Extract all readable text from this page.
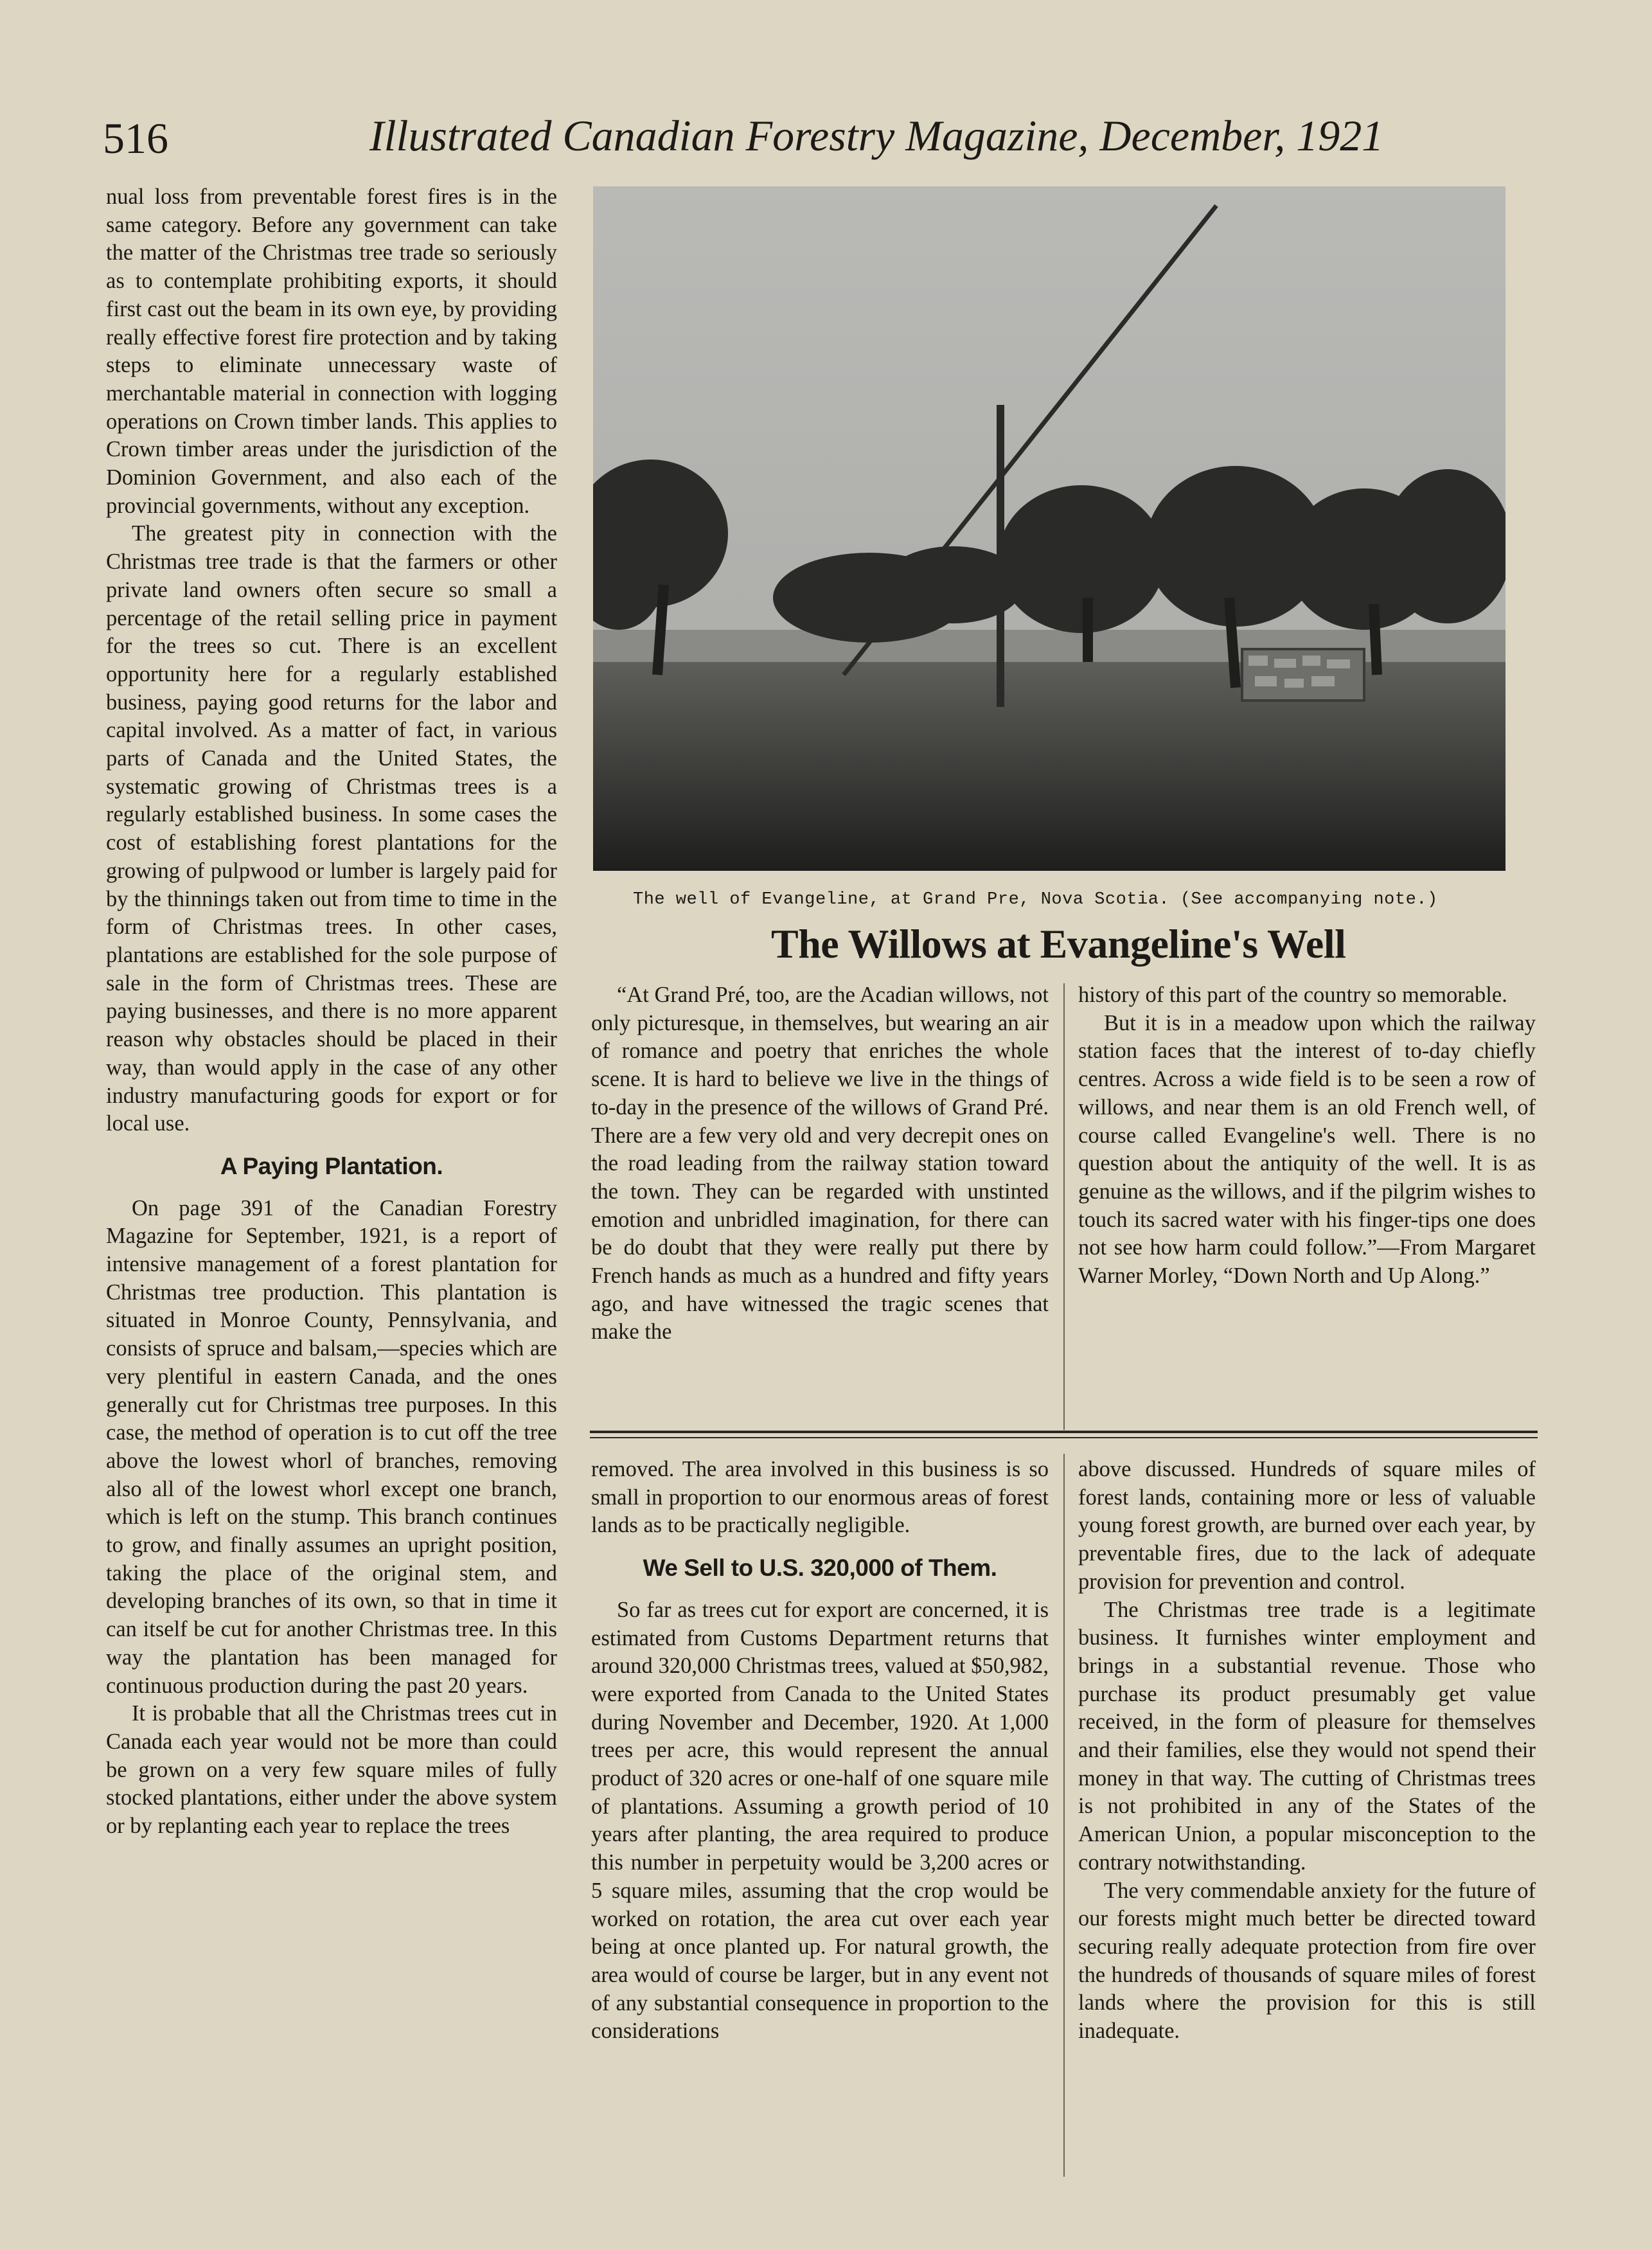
516	Illustrated Canadian Forestry Magazine, December, 1921

nual loss from preventable forest fires is in the same category. Before any government can take the matter of the Christmas tree trade so seriously as to contemplate prohibiting exports, it should first cast out the beam in its own eye, by providing really effective forest fire protection and by taking steps to eliminate unnecessary waste of merchantable material in connection with logging operations on Crown timber lands. This applies to Crown timber areas under the jurisdiction of the Dominion Government, and also each of the provincial governments, without any exception.

The greatest pity in connection with the Christmas tree trade is that the farmers or other private land owners often secure so small a percentage of the retail selling price in payment for the trees so cut. There is an excellent opportunity here for a regularly established business, paying good returns for the labor and capital involved. As a matter of fact, in various parts of Canada and the United States, the systematic growing of Christmas trees is a regularly established business. In some cases the cost of establishing forest plantations for the growing of pulpwood or lumber is largely paid for by the thinnings taken out from time to time in the form of Christmas trees. In other cases, plantations are established for the sole purpose of sale in the form of Christmas trees. These are paying businesses, and there is no more apparent reason why obstacles should be placed in their way, than would apply in the case of any other industry manufacturing goods for export or for local use.

A Paying Plantation.

On page 391 of the Canadian Forestry Magazine for September, 1921, is a report of intensive management of a forest plantation for Christmas tree production. This plantation is situated in Monroe County, Pennsylvania, and consists of spruce and balsam,—species which are very plentiful in eastern Canada, and the ones generally cut for Christmas tree purposes. In this case, the method of operation is to cut off the tree above the lowest whorl of branches, removing also all of the lowest whorl except one branch, which is left on the stump. This branch continues to grow, and finally assumes an upright position, taking the place of the original stem, and developing branches of its own, so that in time it can itself be cut for another Christmas tree. In this way the plantation has been managed for continuous production during the past 20 years.

It is probable that all the Christmas trees cut in Canada each year would not be more than could be grown on a very few square miles of fully stocked plantations, either under the above system or by replanting each year to replace the trees

The well of Evangeline, at Grand Pre, Nova Scotia. (See accompanying note.)
The Willows at Evangeline's Well

“At Grand Pré, too, are the Acadian willows, not only picturesque, in themselves, but wearing an air of romance and poetry that enriches the whole scene. It is hard to believe we live in the things of to-day in the presence of the willows of Grand Pré. There are a few very old and very decrepit ones on the road leading from the railway station toward the town. They can be regarded with unstinted emotion and unbridled imagination, for there can be do doubt that they were really put there by French hands as much as a hundred and fifty years ago, and have witnessed the tragic scenes that make the

history of this part of the country so memorable.

But it is in a meadow upon which the railway station faces that the interest of to-day chiefly centres. Across a wide field is to be seen a row of willows, and near them is an old French well, of course called Evangeline's well. There is no question about the antiquity of the well. It is as genuine as the willows, and if the pilgrim wishes to touch its sacred water with his finger-tips one does not see how harm could follow.”—From Margaret Warner Morley, “Down North and Up Along.”

removed. The area involved in this business is so small in proportion to our enormous areas of forest lands as to be practically negligible.

We Sell to U.S. 320,000 of Them.

So far as trees cut for export are concerned, it is estimated from Customs Department returns that around 320,000 Christmas trees, valued at $50,982, were exported from Canada to the United States during November and December, 1920. At 1,000 trees per acre, this would represent the annual product of 320 acres or one-half of one square mile of plantations. Assuming a growth period of 10 years after planting, the area required to produce this number in perpetuity would be 3,200 acres or 5 square miles, assuming that the crop would be worked on rotation, the area cut over each year being at once planted up. For natural growth, the area would of course be larger, but in any event not of any substantial consequence in proportion to the considerations

above discussed. Hundreds of square miles of forest lands, containing more or less of valuable young forest growth, are burned over each year, by preventable fires, due to the lack of adequate provision for prevention and control.

The Christmas tree trade is a legitimate business. It furnishes winter employment and brings in a substantial revenue. Those who purchase its product presumably get value received, in the form of pleasure for themselves and their families, else they would not spend their money in that way. The cutting of Christmas trees is not prohibited in any of the States of the American Union, a popular misconception to the contrary notwithstanding.

The very commendable anxiety for the future of our forests might much better be directed toward securing really adequate protection from fire over the hundreds of thousands of square miles of forest lands where the provision for this is still inadequate.
